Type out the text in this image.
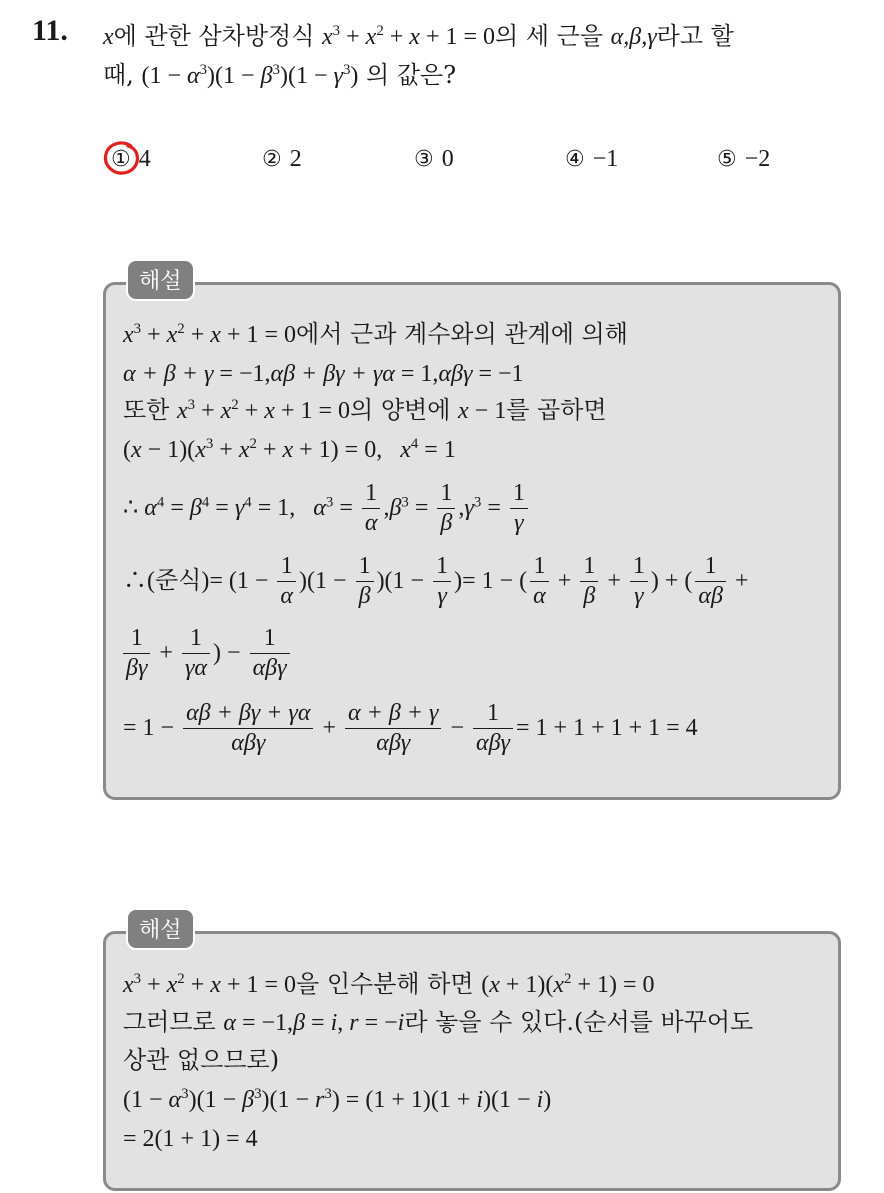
11. x에 관한 삼차방정식 $x^3 + x^2 + x + 1 = 0$의 세 근을 α,β,γ라고 할
때, $(1 - \alpha^3)(1 - \beta^3)(1 - \gamma^3)$ 의 값은?
① 4	② 2	③ 0	④ −1	⑤ −2
해설
$x^3 + x^2 + x + 1 = 0$에서 근과 계수와의 관계에 의해
α + β + γ = −1,αβ + βγ + γα = 1,αβγ = −1
또한 $x^3 + x^2 + x + 1 = 0$의 양변에 x − 1를 곱하면
$(x - 1)(x^3 + x^2 + x + 1) = 0$,   $x^4 = 1$
∴ $\alpha^4 = \beta^4 = \gamma^4 = 1$,   $\alpha^3 = \frac{1}{\alpha} ,\beta^3 = \frac{1}{\beta} ,\gamma^3 = \frac{1}{\gamma}$
∴(준식)= $(1 - \frac{1}{\alpha} )(1 - \frac{1}{\beta} )(1 - \frac{1}{\gamma}$ )= 1 − ( $\frac{1}{\alpha} + \frac{1}{\beta} + \frac{1}{\gamma}$ ) + ( $\frac{1}{\alpha\beta}$ +
$\frac{1}{\beta\gamma} + \frac{1}{\gamma\alpha}$ ) − $\frac{1}{\text{αβγ}}$
= $1 - \frac{\alpha\beta + \beta\gamma + \gamma\alpha}{\text{αβγ}} + \frac{\alpha + \beta + \gamma}{\text{αβγ}} - \frac{1}{\text{αβγ}} = 1 + 1 + 1 + 1 = 4$
해설
$x^3 + x^2 + x + 1 = 0$을 인수분해 하면 $(x + 1)(x^2 + 1) = 0$
그러므로 α = −1,β = i, r = −i라 놓을 수 있다.(순서를 바꾸어도
상관 없으므로)
$(1 - \alpha^3)(1 - \beta^3)(1 - r^3) = (1 + 1)(1 + i)(1 - i)$
= 2(1 + 1) = 4
